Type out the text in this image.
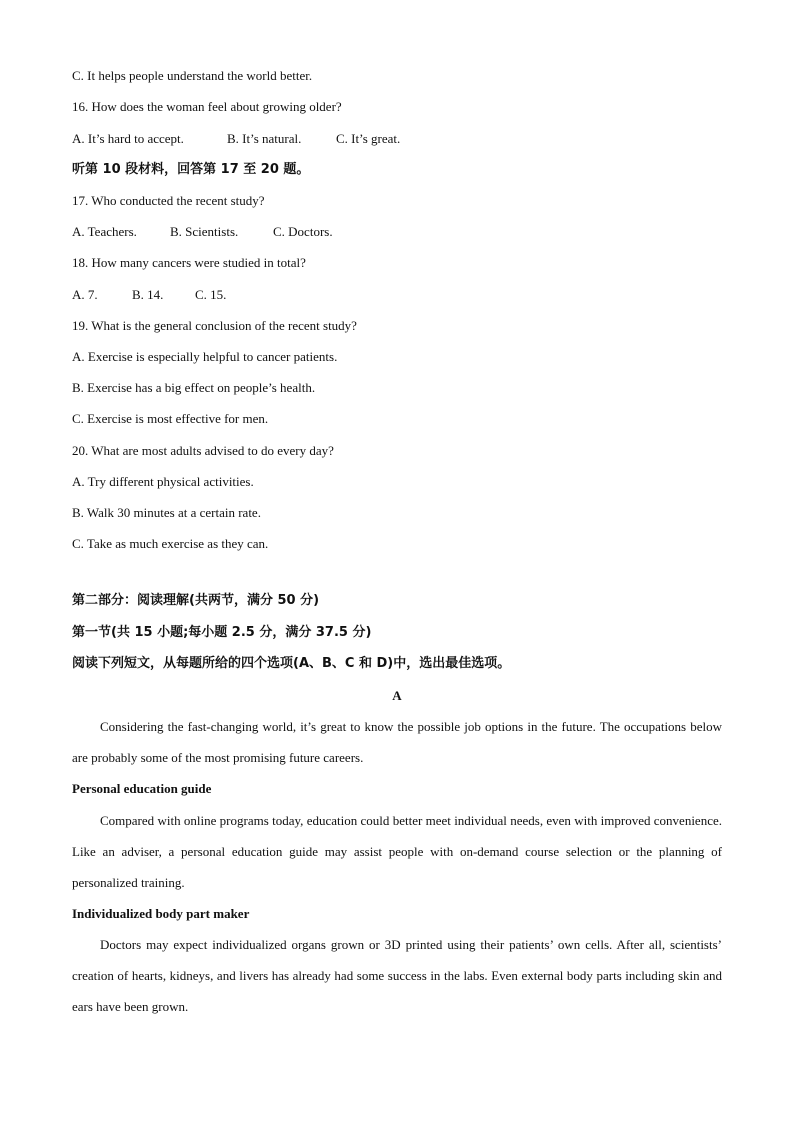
C. It helps people understand the world better.
16. How does the woman feel about growing older?
A. It’s hard to accept.	B. It’s natural.	C. It’s great.
听第 10 段材料，回答第 17 至 20 题。
17. Who conducted the recent study?
A. Teachers.	B. Scientists.	C. Doctors.
18. How many cancers were studied in total?
A. 7.	B. 14. C. 15.
19. What is the general conclusion of the recent study?
A. Exercise is especially helpful to cancer patients.
B. Exercise has a big effect on people’s health.
C. Exercise is most effective for men.
20. What are most adults advised to do every day?
A. Try different physical activities.
B. Walk 30 minutes at a certain rate.
C. Take as much exercise as they can.
第二部分：阅读理解(共两节，满分 50 分)
第一节(共 15 小题;每小题 2.5 分，满分 37.5 分)
阅读下列短文，从每题所给的四个选项(A、B、C 和 D)中，选出最佳选项。
A
Considering the fast-changing world, it’s great to know the possible job options in the future. The occupations below are probably some of the most promising future careers.
Personal education guide
Compared with online programs today, education could better meet individual needs, even with improved convenience. Like an adviser, a personal education guide may assist people with on-demand course selection or the planning of personalized training.
Individualized body part maker
Doctors may expect individualized organs grown or 3D printed using their patients’ own cells. After all, scientists’ creation of hearts, kidneys, and livers has already had some success in the labs. Even external body parts including skin and ears have been grown.
